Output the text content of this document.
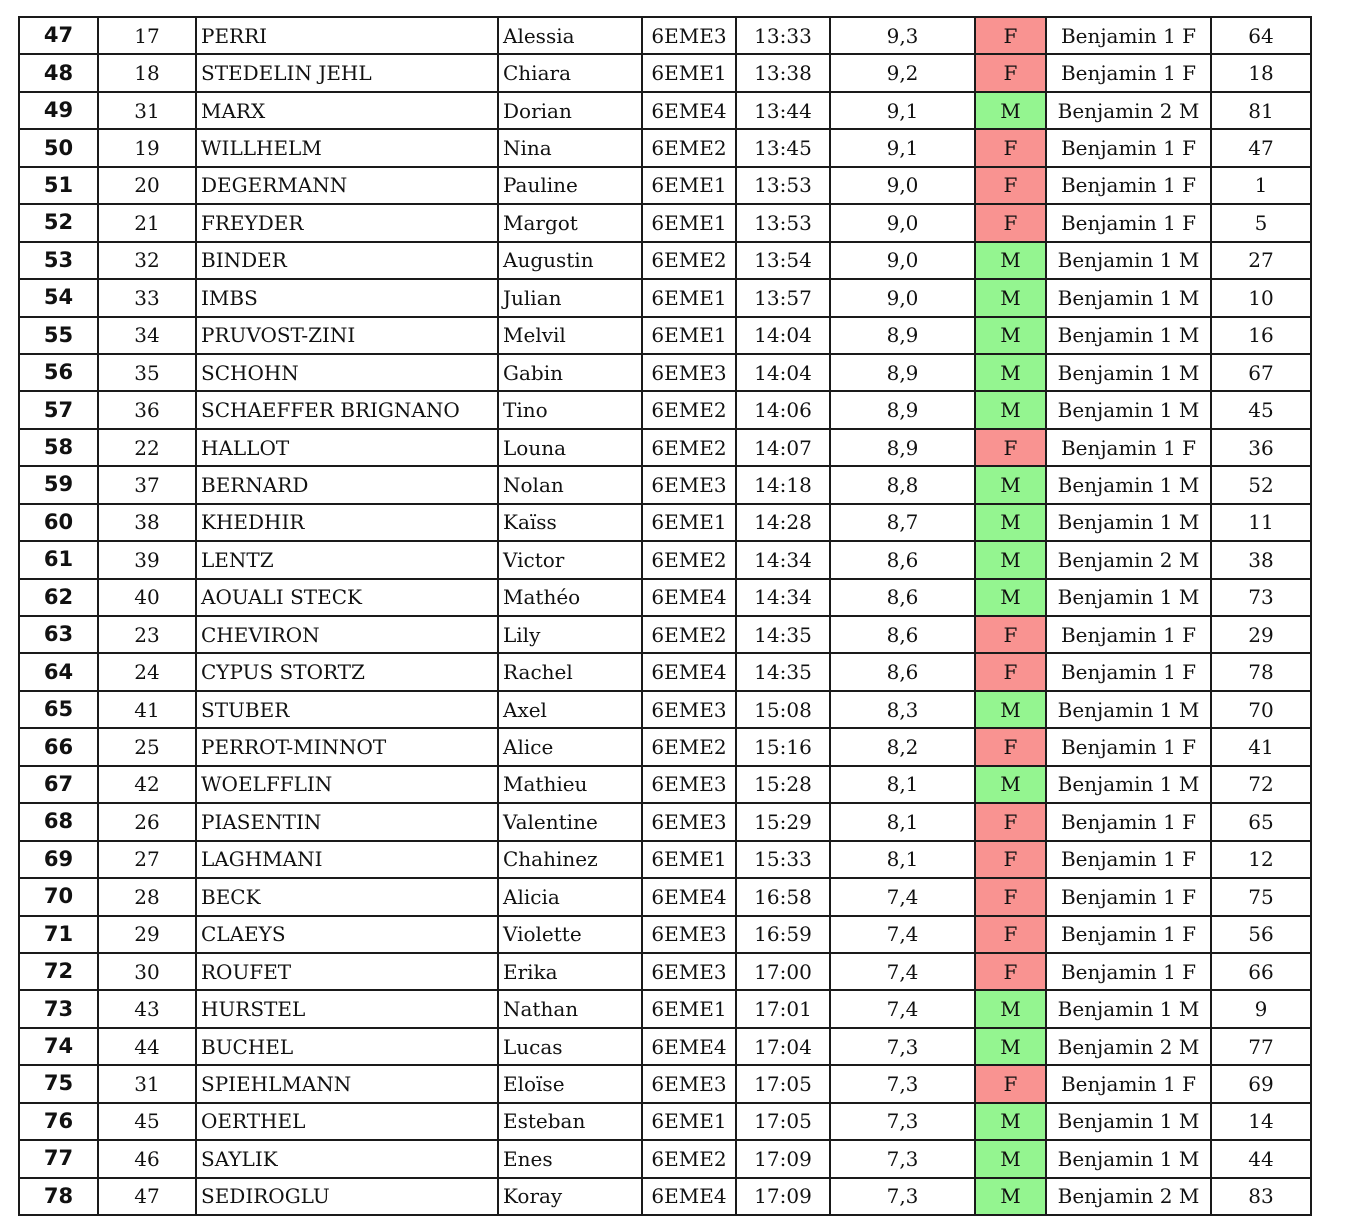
47	17	PERRI	Alessia	6EME3	13:33	9,3	F	Benjamin 1 F	64
48	18	STEDELIN JEHL	Chiara	6EME1	13:38	9,2	F	Benjamin 1 F	18
49	31	MARX	Dorian	6EME4	13:44	9,1	M	Benjamin 2 M	81
50	19	WILLHELM	Nina	6EME2	13:45	9,1	F	Benjamin 1 F	47
51	20	DEGERMANN	Pauline	6EME1	13:53	9,0	F	Benjamin 1 F	1
52	21	FREYDER	Margot	6EME1	13:53	9,0	F	Benjamin 1 F	5
53	32	BINDER	Augustin	6EME2	13:54	9,0	M	Benjamin 1 M	27
54	33	IMBS	Julian	6EME1	13:57	9,0	M	Benjamin 1 M	10
55	34	PRUVOST-ZINI	Melvil	6EME1	14:04	8,9	M	Benjamin 1 M	16
56	35	SCHOHN	Gabin	6EME3	14:04	8,9	M	Benjamin 1 M	67
57	36	SCHAEFFER BRIGNANO	Tino	6EME2	14:06	8,9	M	Benjamin 1 M	45
58	22	HALLOT	Louna	6EME2	14:07	8,9	F	Benjamin 1 F	36
59	37	BERNARD	Nolan	6EME3	14:18	8,8	M	Benjamin 1 M	52
60	38	KHEDHIR	Kaïss	6EME1	14:28	8,7	M	Benjamin 1 M	11
61	39	LENTZ	Victor	6EME2	14:34	8,6	M	Benjamin 2 M	38
62	40	AOUALI STECK	Mathéo	6EME4	14:34	8,6	M	Benjamin 1 M	73
63	23	CHEVIRON	Lily	6EME2	14:35	8,6	F	Benjamin 1 F	29
64	24	CYPUS STORTZ	Rachel	6EME4	14:35	8,6	F	Benjamin 1 F	78
65	41	STUBER	Axel	6EME3	15:08	8,3	M	Benjamin 1 M	70
66	25	PERROT-MINNOT	Alice	6EME2	15:16	8,2	F	Benjamin 1 F	41
67	42	WOELFFLIN	Mathieu	6EME3	15:28	8,1	M	Benjamin 1 M	72
68	26	PIASENTIN	Valentine	6EME3	15:29	8,1	F	Benjamin 1 F	65
69	27	LAGHMANI	Chahinez	6EME1	15:33	8,1	F	Benjamin 1 F	12
70	28	BECK	Alicia	6EME4	16:58	7,4	F	Benjamin 1 F	75
71	29	CLAEYS	Violette	6EME3	16:59	7,4	F	Benjamin 1 F	56
72	30	ROUFET	Erika	6EME3	17:00	7,4	F	Benjamin 1 F	66
73	43	HURSTEL	Nathan	6EME1	17:01	7,4	M	Benjamin 1 M	9
74	44	BUCHEL	Lucas	6EME4	17:04	7,3	M	Benjamin 2 M	77
75	31	SPIEHLMANN	Eloïse	6EME3	17:05	7,3	F	Benjamin 1 F	69
76	45	OERTHEL	Esteban	6EME1	17:05	7,3	M	Benjamin 1 M	14
77	46	SAYLIK	Enes	6EME2	17:09	7,3	M	Benjamin 1 M	44
78	47	SEDIROGLU	Koray	6EME4	17:09	7,3	M	Benjamin 2 M	83
